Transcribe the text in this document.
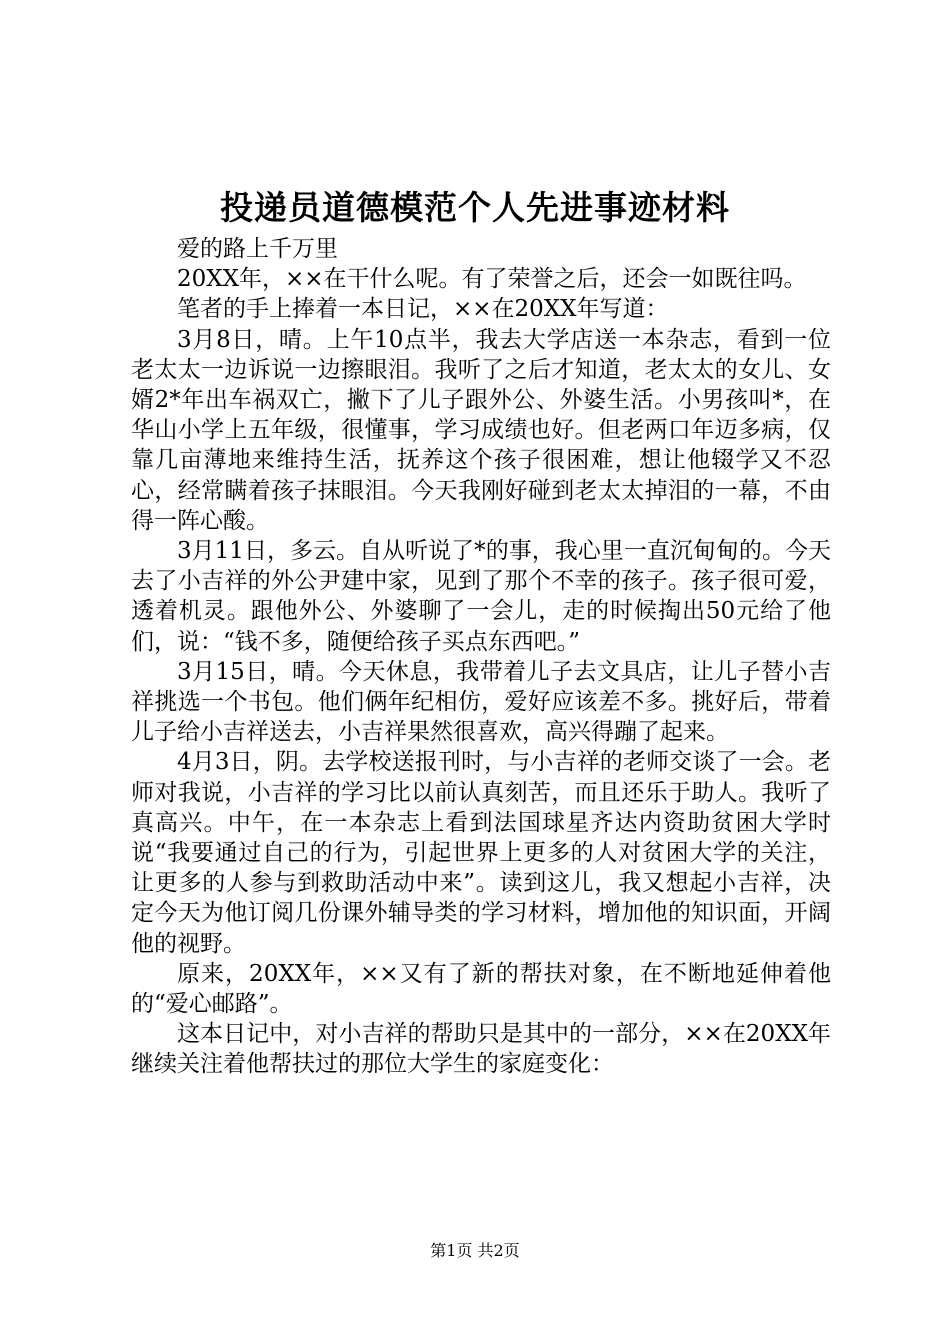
投递员道德模范个人先进事迹材料

爱的路上千万里

20XX年，××在干什么呢。有了荣誉之后，还会一如既往吗。

笔者的手上捧着一本日记，××在20XX年写道：

3月8日，晴。上午10点半，我去大学店送一本杂志，看到一位老太太一边诉说一边擦眼泪。我听了之后才知道，老太太的女儿、女婿2*年出车祸双亡，撇下了儿子跟外公、外婆生活。小男孩叫*，在华山小学上五年级，很懂事，学习成绩也好。但老两口年迈多病，仅靠几亩薄地来维持生活，抚养这个孩子很困难，想让他辍学又不忍心，经常瞒着孩子抹眼泪。今天我刚好碰到老太太掉泪的一幕，不由得一阵心酸。

3月11日，多云。自从听说了*的事，我心里一直沉甸甸的。今天去了小吉祥的外公尹建中家，见到了那个不幸的孩子。孩子很可爱，透着机灵。跟他外公、外婆聊了一会儿，走的时候掏出50元给了他们，说：“钱不多，随便给孩子买点东西吧。”

3月15日，晴。今天休息，我带着儿子去文具店，让儿子替小吉祥挑选一个书包。他们俩年纪相仿，爱好应该差不多。挑好后，带着儿子给小吉祥送去，小吉祥果然很喜欢，高兴得蹦了起来。

4月3日，阴。去学校送报刊时，与小吉祥的老师交谈了一会。老师对我说，小吉祥的学习比以前认真刻苦，而且还乐于助人。我听了真高兴。中午，在一本杂志上看到法国球星齐达内资助贫困大学时说“我要通过自己的行为，引起世界上更多的人对贫困大学的关注，让更多的人参与到救助活动中来”。读到这儿，我又想起小吉祥，决定今天为他订阅几份课外辅导类的学习材料，增加他的知识面，开阔他的视野。

原来，20XX年，××又有了新的帮扶对象，在不断地延伸着他的“爱心邮路”。

这本日记中，对小吉祥的帮助只是其中的一部分，××在20XX年继续关注着他帮扶过的那位大学生的家庭变化：

第1页 共2页
